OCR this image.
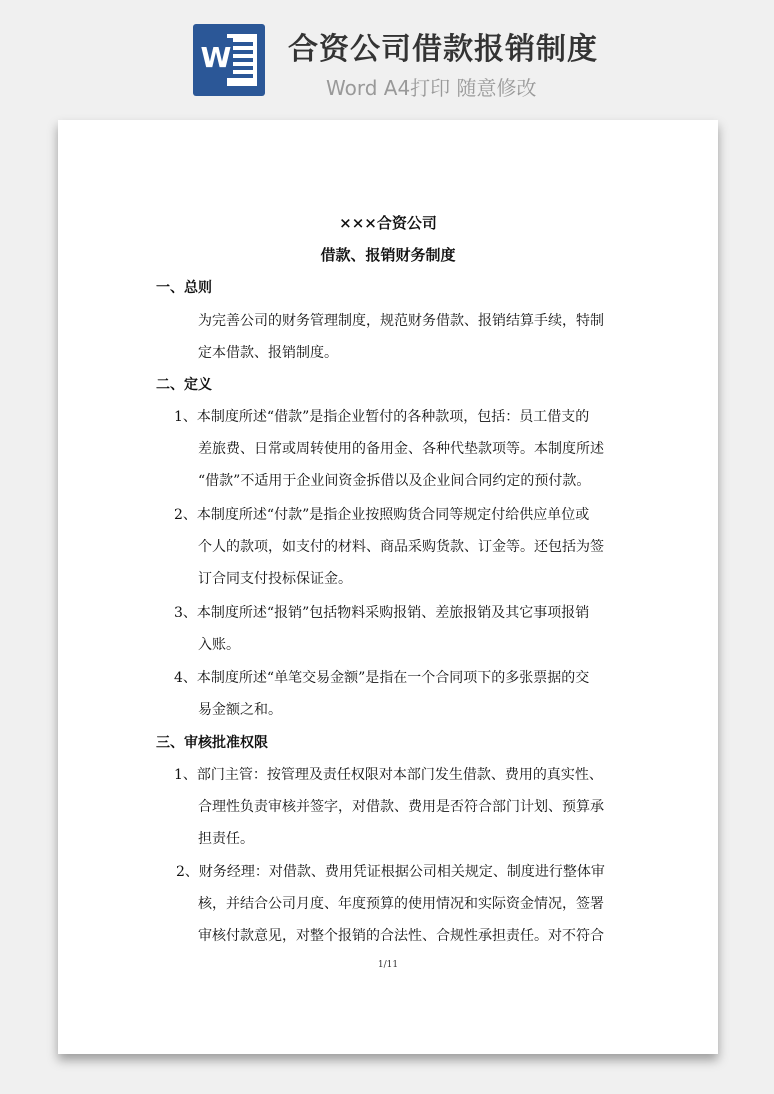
W 合资公司借款报销制度
Word A4打印 随意修改
×××合资公司
借款、报销财务制度
一、总则
为完善公司的财务管理制度，规范财务借款、报销结算手续，特制
定本借款、报销制度。
二、定义
1、本制度所述“借款”是指企业暂付的各种款项，包括：员工借支的
差旅费、日常或周转使用的备用金、各种代垫款项等。本制度所述
“借款”不适用于企业间资金拆借以及企业间合同约定的预付款。
2、本制度所述“付款”是指企业按照购货合同等规定付给供应单位或
个人的款项，如支付的材料、商品采购货款、订金等。还包括为签
订合同支付投标保证金。
3、本制度所述“报销”包括物料采购报销、差旅报销及其它事项报销
入账。
4、本制度所述“单笔交易金额”是指在一个合同项下的多张票据的交
易金额之和。
三、审核批准权限
1、部门主管：按管理及责任权限对本部门发生借款、费用的真实性、
合理性负责审核并签字，对借款、费用是否符合部门计划、预算承
担责任。
2、财务经理：对借款、费用凭证根据公司相关规定、制度进行整体审
核，并结合公司月度、年度预算的使用情况和实际资金情况，签署
审核付款意见，对整个报销的合法性、合规性承担责任。对不符合
1/11
